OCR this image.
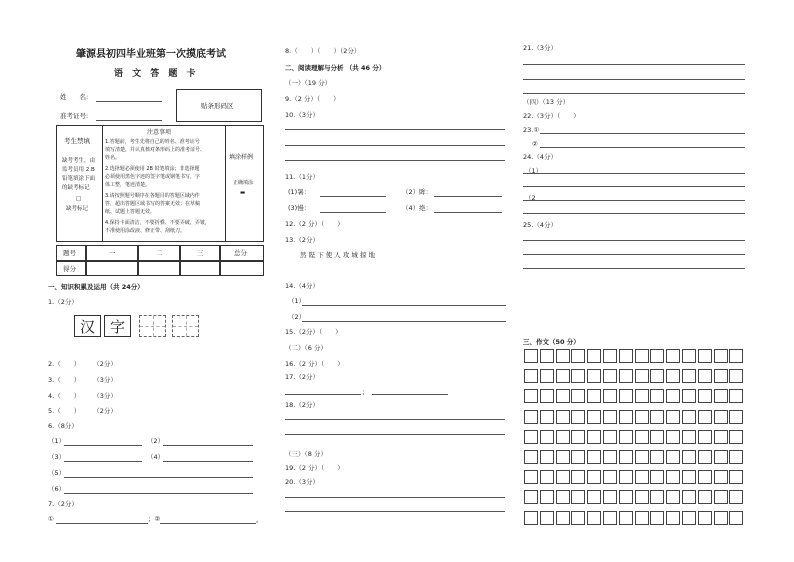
肇源县初四毕业班第一次摸底考试
语 文 答 题 卡
姓　　名:
准考证号:
贴条形码区
考生禁填
缺考考生，由
监考员用 2 B
铅笔填涂下面
的缺考标记
□
缺考标记
注意事项
1.答题前，考生先将自己的姓名、准考证号
填写清楚，并认真核对条形码上的准考证号、
姓名。
2.选择题必须使用 2B 铅笔填涂；非选择题
必须使用黑色字迹的签字笔或钢笔书写，字
体工整，笔迹清楚。
3.请按照题号顺序在各题目的答题区域内作
答，超出答题区域书写的答案无效；在草稿
纸、试题上答题无效。
4.保持卡面清洁，不要折叠、不要弄破、弄皱，
不准使用涂改液、修正带、刮纸刀。
填涂样例
正确填涂
▬
题号	一	二	三	总分
得分
一、知识积累及运用（共 24分）
1.（2分）
汉 字
2.（　　）　　　（2分）
3.（　　）　　　（3分）
4.（　　）　　　（3分）
5.（　　）　　　（2分）
6.（8分）
（1）	（2）
（3）	（4）
（5）
（6）
7.（2分）
①	；②	。
8.（　　）（　　）（2分）
二、阅读理解与分析 （共 46 分）
（一）（19 分）
9.（2 分）（　　）
10.（3分）
11.（1分）
(1)暑：	（2）眸：
(3)慢：	（4）绝：
12.（2 分）（　　）
13.（2分）
然 陛 下 使 人 攻 城 掠 地
14.（4分）
（1）
（2）
15.（2分）（　　）
（二）（6 分）
16.（2 分）（　　）
17.（2分）
；
18.（2分）
（三）（8 分）
19.（2 分）（　　）
20.（3分）
21.（3分）
（四）（13 分）
22.（3分）（　　）
23.①
②
24.（4分）
（1）
（2
25.（4分）
三、作文（50 分）
